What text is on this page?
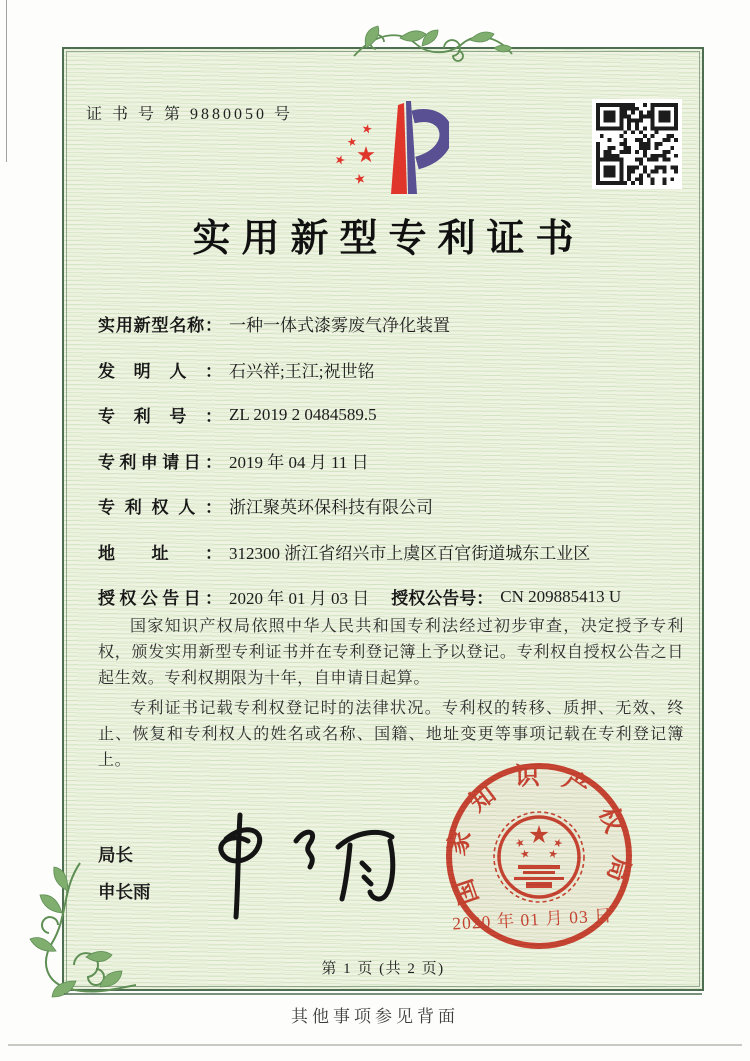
证 书 号 第 9880050 号
实用新型专利证书
实用新型名称： 一种一体式漆雾废气净化装置
发明人： 石兴祥;王江;祝世铭
专利号： ZL 2019 2 0484589.5
专利申请日： 2019 年 04 月 11 日
专利权人： 浙江聚英环保科技有限公司
地址： 312300 浙江省绍兴市上虞区百官街道城东工业区
授权公告日： 2020 年 01 月 03 日 授权公告号： CN 209885413 U

国家知识产权局依照中华人民共和国专利法经过初步审查，决定授予专利权，颁发实用新型专利证书并在专利登记簿上予以登记。专利权自授权公告之日起生效。专利权期限为十年，自申请日起算。

专利证书记载专利权登记时的法律状况。专利权的转移、质押、无效、终止、恢复和专利权人的姓名或名称、国籍、地址变更等事项记载在专利登记簿上。

局长
申长雨	国家知识产权局
2020 年 01 月 03 日
第 1 页 (共 2 页)
其他事项参见背面
